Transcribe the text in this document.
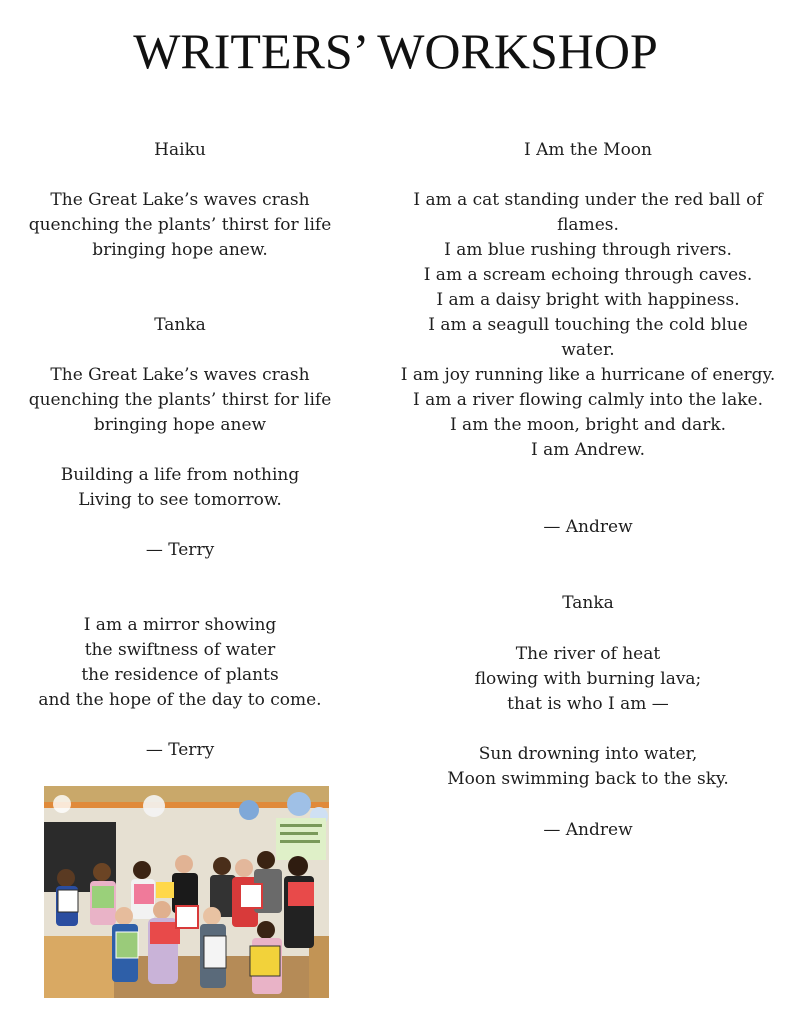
WRITERS’ WORKSHOP
Haiku
The Great Lake’s waves crash
quenching the plants’ thirst for life
bringing hope anew.
Tanka
The Great Lake’s waves crash
quenching the plants’ thirst for life
bringing hope anew
Building a life from nothing
Living to see tomorrow.
— Terry
I am a mirror showing
the swiftness of water
the residence of plants
and the hope of the day to come.
— Terry
I Am the Moon
I am a cat standing under the red ball of flames.
I am blue rushing through rivers.
I am a scream echoing through caves.
I am a daisy bright with happiness.
I am a seagull touching the cold blue water.
I am joy running like a hurricane of energy.
I am a river flowing calmly into the lake.
I am the moon, bright and dark.
I am Andrew.
— Andrew
Tanka
The river of heat
flowing with burning lava;
that is who I am —
Sun drowning into water,
Moon swimming back to the sky.
— Andrew
